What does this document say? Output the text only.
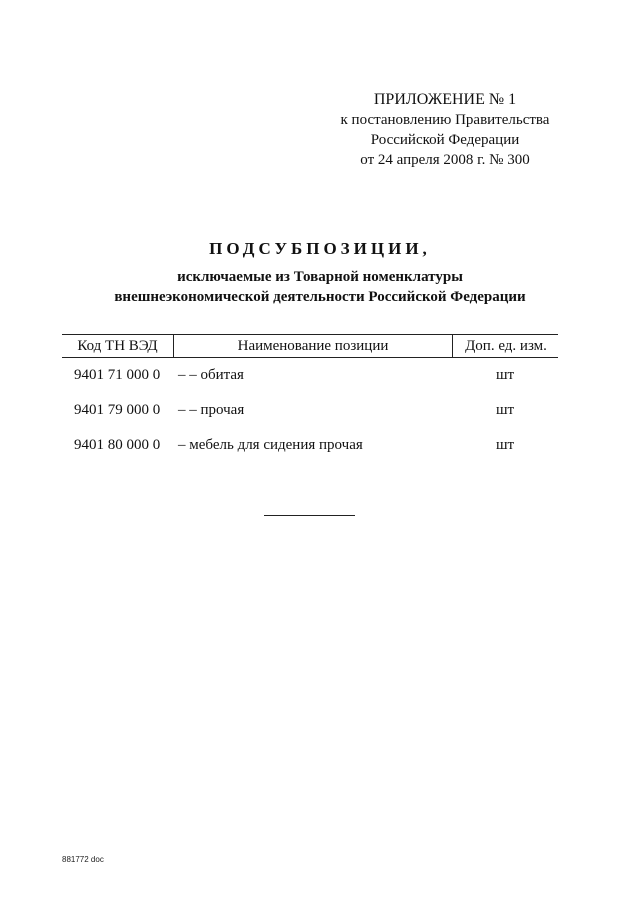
ПРИЛОЖЕНИЕ № 1
к постановлению Правительства
Российской Федерации
от 24 апреля 2008 г. № 300
ПОДСУБПОЗИЦИИ,
исключаемые из Товарной номенклатуры
внешнеэкономической деятельности Российской Федерации
Код ТН ВЭД	Наименование позиции	Доп. ед. изм.
9401 71 000 0 – – обитая	шт
9401 79 000 0 – – прочая	шт
9401 80 000 0 – мебель для сидения прочая	шт
881772 doc
